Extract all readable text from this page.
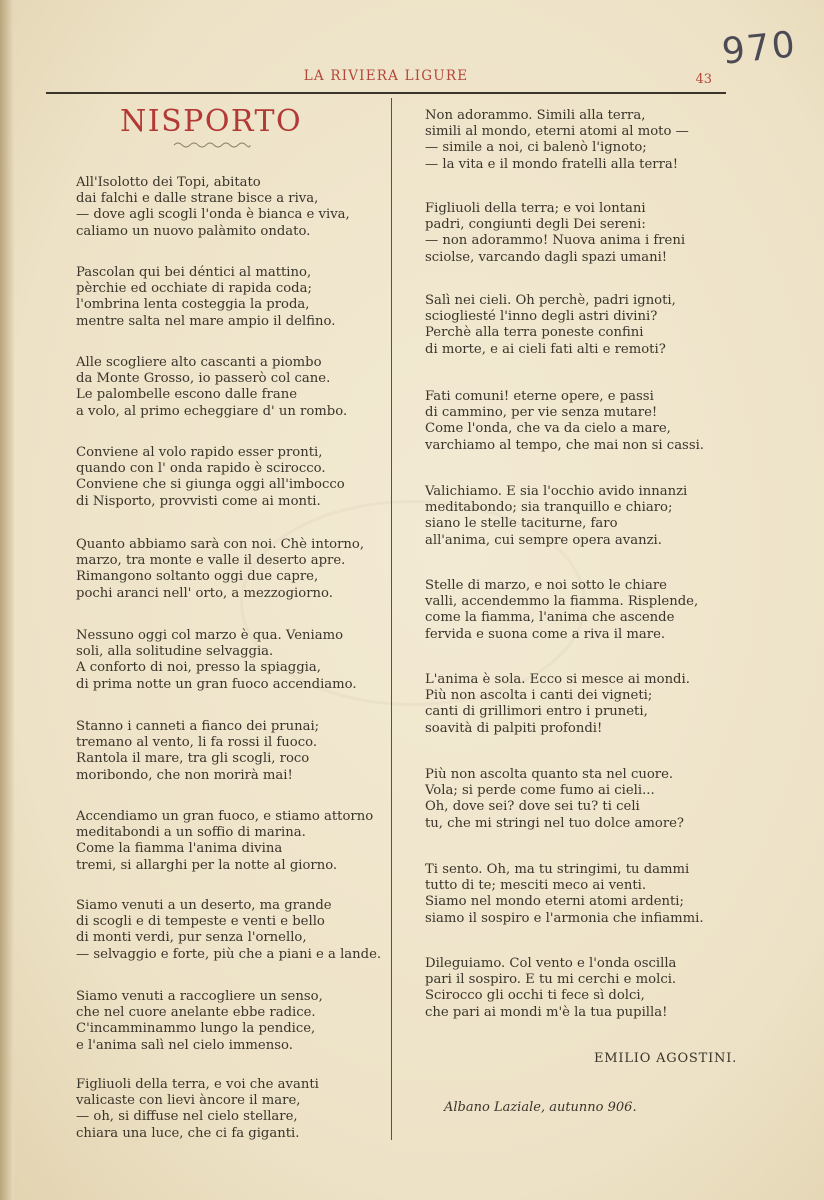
970
LA RIVIERA LIGURE	43
NISPORTO
All'Isolotto dei Topi, abitato
dai falchi e dalle strane bisce a riva,
— dove agli scogli l'onda è bianca e viva,
caliamo un nuovo palàmito ondato.
Pascolan qui bei déntici al mattino,
pèrchie ed occhiate di rapida coda;
l'ombrina lenta costeggia la proda,
mentre salta nel mare ampio il delfino.
Alle scogliere alto cascanti a piombo
da Monte Grosso, io passerò col cane.
Le palombelle escono dalle frane
a volo, al primo echeggiare d' un rombo.
Conviene al volo rapido esser pronti,
quando con l' onda rapido è scirocco.
Conviene che si giunga oggi all'imbocco
di Nisporto, provvisti come ai monti.
Quanto abbiamo sarà con noi. Chè intorno,
marzo, tra monte e valle il deserto apre.
Rimangono soltanto oggi due capre,
pochi aranci nell' orto, a mezzogiorno.
Nessuno oggi col marzo è qua. Veniamo
soli, alla solitudine selvaggia.
A conforto di noi, presso la spiaggia,
di prima notte un gran fuoco accendiamo.
Stanno i canneti a fianco dei prunai;
tremano al vento, li fa rossi il fuoco.
Rantola il mare, tra gli scogli, roco
moribondo, che non morirà mai!
Accendiamo un gran fuoco, e stiamo attorno
meditabondi a un soffio di marina.
Come la fiamma l'anima divina
tremi, si allarghi per la notte al giorno.
Siamo venuti a un deserto, ma grande
di scogli e di tempeste e venti e bello
di monti verdi, pur senza l'ornello,
— selvaggio e forte, più che a piani e a lande.
Siamo venuti a raccogliere un senso,
che nel cuore anelante ebbe radice.
C'incamminammo lungo la pendice,
e l'anima salì nel cielo immenso.
Figliuoli della terra, e voi che avanti
valicaste con lievi àncore il mare,
— oh, si diffuse nel cielo stellare,
chiara una luce, che ci fa giganti.
Non adorammo. Simili alla terra,
simili al mondo, eterni atomi al moto —
— simile a noi, ci balenò l'ignoto;
— la vita e il mondo fratelli alla terra!
Figliuoli della terra; e voi lontani
padri, congiunti degli Dei sereni:
— non adorammo! Nuova anima i freni
sciolse, varcando dagli spazi umani!
Salì nei cieli. Oh perchè, padri ignoti,
sciogliesté l'inno degli astri divini?
Perchè alla terra poneste confini
di morte, e ai cieli fati alti e remoti?
Fati comuni! eterne opere, e passi
di cammino, per vie senza mutare!
Come l'onda, che va da cielo a mare,
varchiamo al tempo, che mai non si cassi.
Valichiamo. E sia l'occhio avido innanzi
meditabondo; sia tranquillo e chiaro;
siano le stelle taciturne, faro
all'anima, cui sempre opera avanzi.
Stelle di marzo, e noi sotto le chiare
valli, accendemmo la fiamma. Risplende,
come la fiamma, l'anima che ascende
fervida e suona come a riva il mare.
L'anima è sola. Ecco si mesce ai mondi.
Più non ascolta i canti dei vigneti;
canti di grillimori entro i pruneti,
soavità di palpiti profondi!
Più non ascolta quanto sta nel cuore.
Vola; si perde come fumo ai cieli...
Oh, dove sei? dove sei tu? ti celi
tu, che mi stringi nel tuo dolce amore?
Ti sento. Oh, ma tu stringimi, tu dammi
tutto di te; mesciti meco ai venti.
Siamo nel mondo eterni atomi ardenti;
siamo il sospiro e l'armonia che infiammi.
Dileguiamo. Col vento e l'onda oscilla
pari il sospiro. E tu mi cerchi e molci.
Scirocco gli occhi ti fece sì dolci,
che pari ai mondi m'è la tua pupilla!
EMILIO AGOSTINI.
Albano Laziale, autunno 906.
